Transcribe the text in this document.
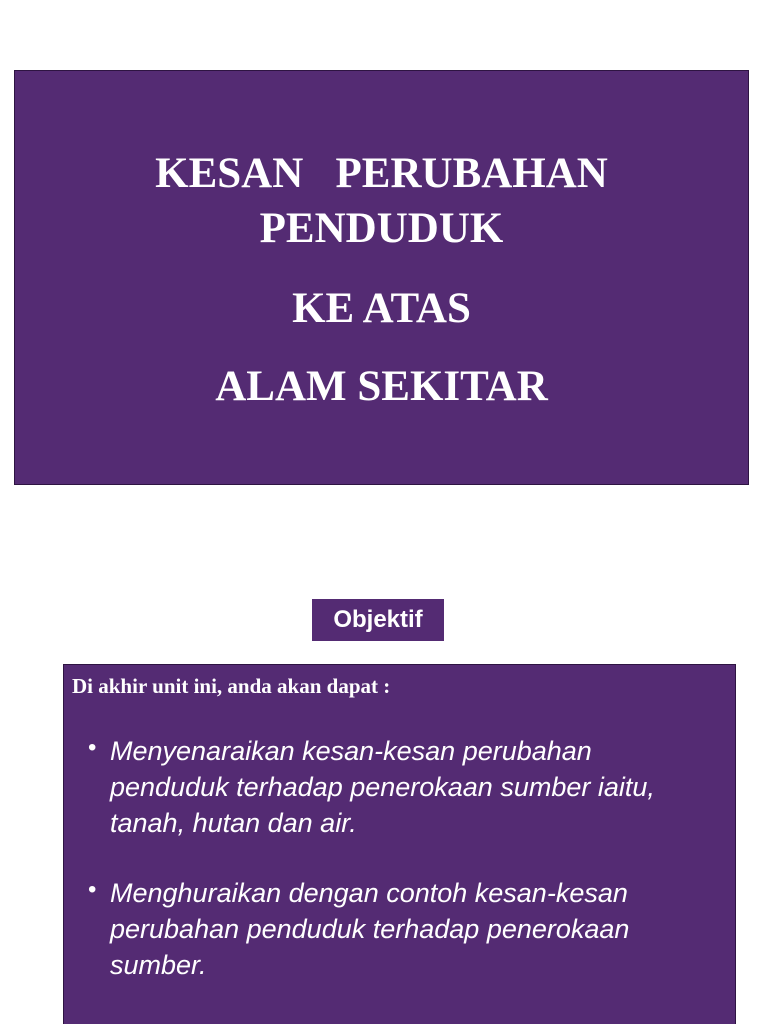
KESAN   PERUBAHAN
PENDUDUK
KE ATAS
ALAM SEKITAR
Objektif
Di akhir unit ini, anda akan dapat :
• Menyenaraikan kesan-kesan perubahan
penduduk terhadap penerokaan sumber iaitu,
tanah, hutan dan air.
• Menghuraikan dengan contoh kesan-kesan
perubahan penduduk terhadap penerokaan
sumber.
